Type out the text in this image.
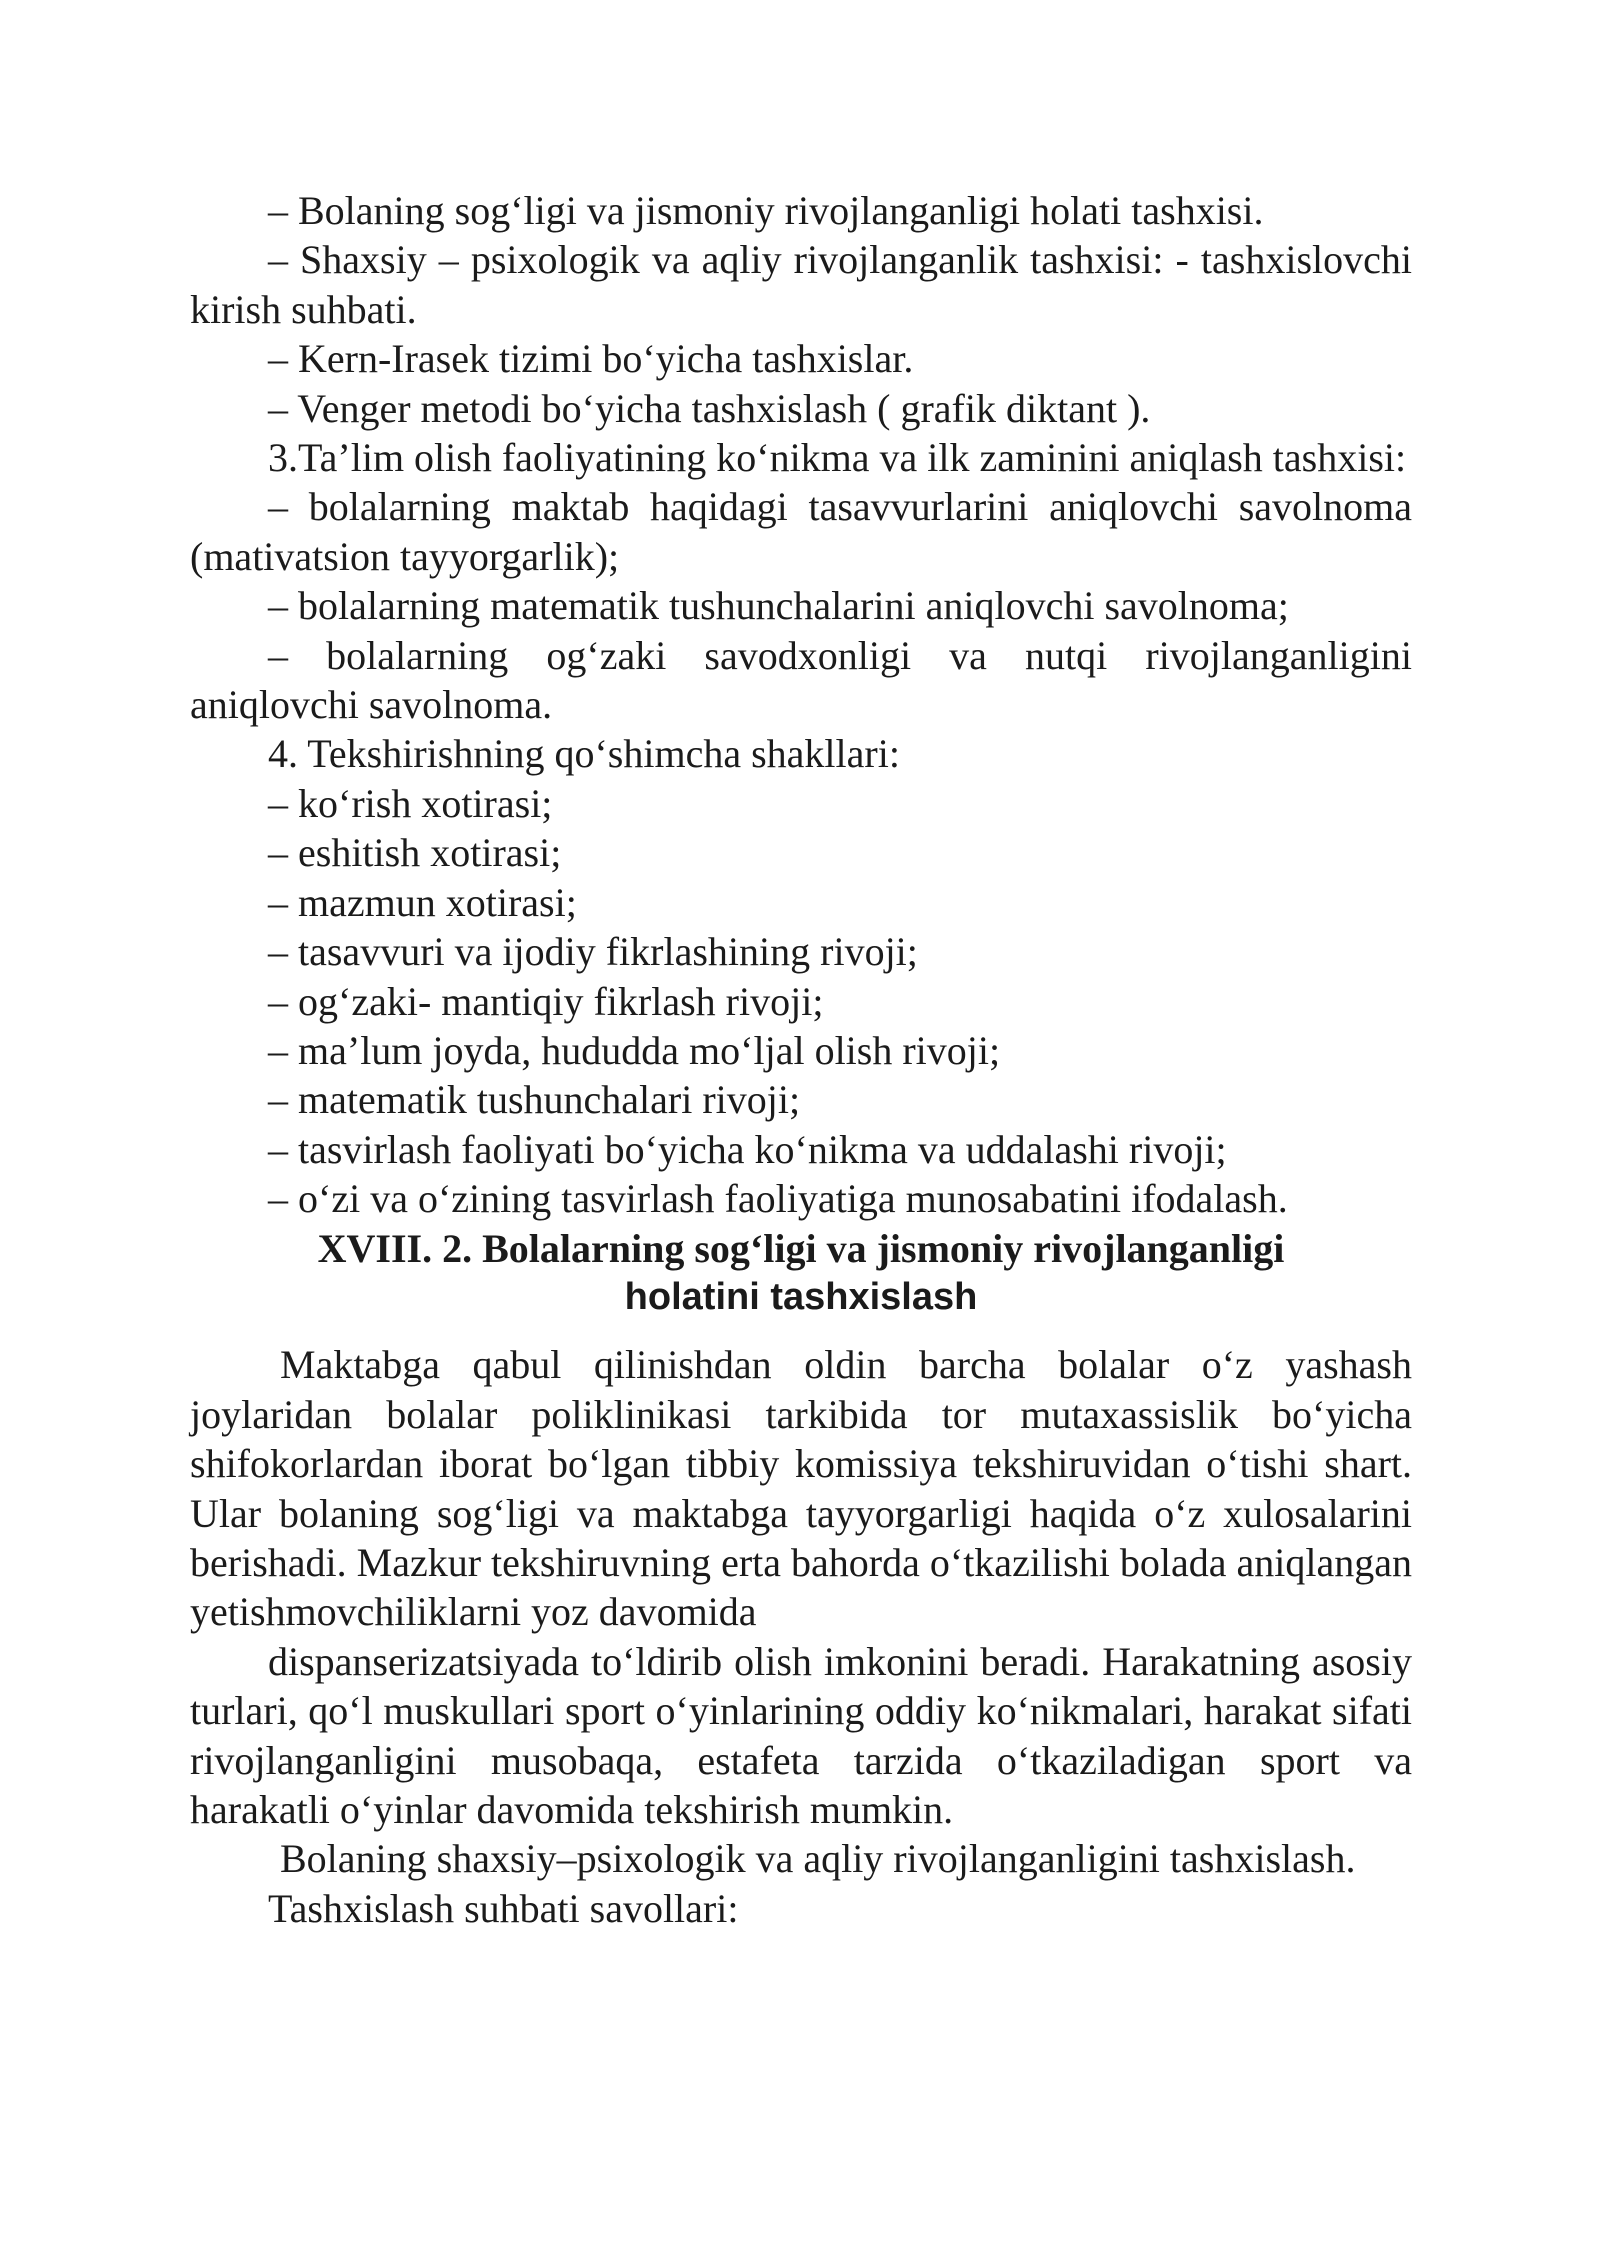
– Bolaning sog‘ligi va jismoniy rivojlanganligi holati tashxisi.

– Shaxsiy – psixologik va aqliy rivojlanganlik tashxisi: - tashxislovchi kirish suhbati.

– Kern-Irasek tizimi bo‘yicha tashxislar.

– Venger metodi bo‘yicha tashxislash ( grafik diktant ).

3.Ta’lim olish faoliyatining ko‘nikma va ilk zaminini aniqlash tashxisi:

– bolalarning maktab haqidagi tasavvurlarini aniqlovchi savolnoma (mativatsion tayyorgarlik);

– bolalarning matematik tushunchalarini aniqlovchi savolnoma;

– bolalarning og‘zaki savodxonligi va nutqi rivojlanganligini aniqlovchi savolnoma.

4. Tekshirishning qo‘shimcha shakllari:

– ko‘rish xotirasi;

– eshitish xotirasi;

– mazmun xotirasi;

– tasavvuri va ijodiy fikrlashining rivoji;

– og‘zaki- mantiqiy fikrlash rivoji;

– ma’lum joyda, hududda mo‘ljal olish rivoji;

– matematik tushunchalari rivoji;

– tasvirlash faoliyati bo‘yicha ko‘nikma va uddalashi rivoji;

– o‘zi va o‘zining tasvirlash faoliyatiga munosabatini ifodalash.

XVIII. 2. Bolalarning sog‘ligi va jismoniy rivojlanganligi

holatini tashxislash

Maktabga qabul qilinishdan oldin barcha bolalar o‘z yashash joylaridan bolalar poliklinikasi tarkibida tor mutaxassislik bo‘yicha shifokorlardan iborat bo‘lgan tibbiy komissiya tekshiruvidan o‘tishi shart. Ular bolaning sog‘ligi va maktabga tayyorgarligi haqida o‘z xulosalarini berishadi. Mazkur tekshiruvning erta bahorda o‘tkazilishi bolada aniqlangan yetishmovchiliklarni yoz davomida

dispanserizatsiyada to‘ldirib olish imkonini beradi. Harakatning asosiy turlari, qo‘l muskullari sport o‘yinlarining oddiy ko‘nikmalari, harakat sifati rivojlanganligini musobaqa, estafeta tarzida o‘tkaziladigan sport va harakatli o‘yinlar davomida tekshirish mumkin.

Bolaning shaxsiy–psixologik va aqliy rivojlanganligini tashxislash.

Tashxislash suhbati savollari:
